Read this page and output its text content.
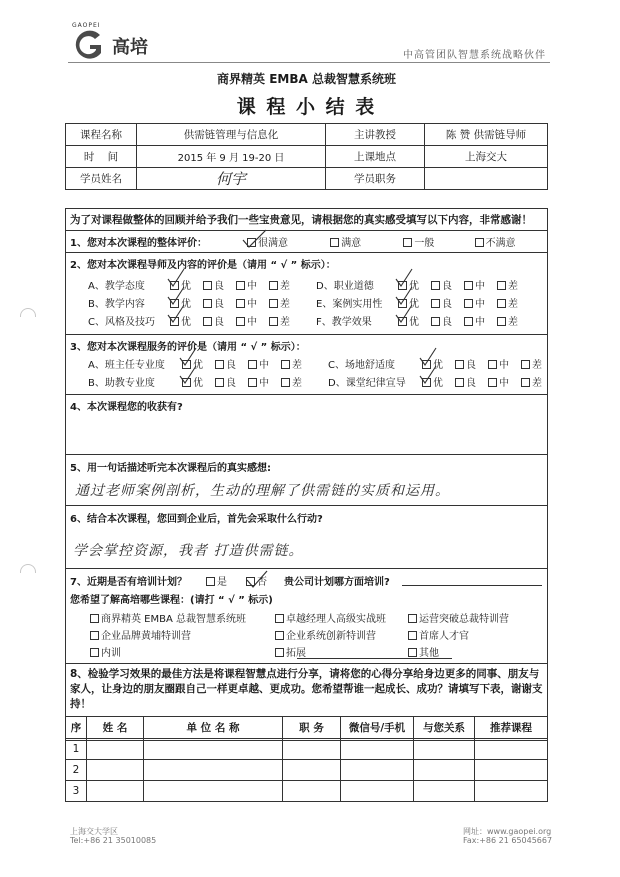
GAOPEI
高培	中高管团队智慧系统战略伙伴
商界精英 EMBA 总裁智慧系统班
课 程 小 结 表
课程名称	供需链管理与信息化	主讲教授	陈 赞 供需链导师
时    间	2015 年 9 月 19-20 日	上课地点	上海交大
学员姓名	何宇	学员职务	
为了对课程做整体的回顾并给予我们一些宝贵意见，请根据您的真实感受填写以下内容，非常感谢！
1、您对本次课程的整体评价：	很满意	满意	一般	不满意
2、您对本次课程导师及内容的评价是（请用 “ √ ” 标示）：
A、教学态度	优	良	中	差
B、教学内容	优	良	中	差
C、风格及技巧	优	良	中	差
D、职业道德	优	良	中	差
E、案例实用性	优	良	中	差
F、教学效果	优	良	中	差
3、您对本次课程服务的评价是（请用 “ √ ” 标示）：
A、班主任专业度	优	良	中	差
B、助教专业度	优	良	中	差
C、场地舒适度	优	良	中	差
D、课堂纪律宣导	优	良	中	差
4、本次课程您的收获有?
5、用一句话描述听完本次课程后的真实感想:
通过老师案例剖析，生动的理解了供需链的实质和运用。
6、结合本次课程，您回到企业后，首先会采取什么行动?
学会掌控资源，我者 打造供需链。
7、近期是否有培训计划？	是	否 贵公司计划哪方面培训?
您希望了解高培哪些课程：(请打 “ √ ” 标示)
商界精英 EMBA 总裁智慧系统班	卓越经理人高级实战班	运营突破总裁特训营
企业品牌黄埔特训营	企业系统创新特训营	首席人才官
内训	拓展	其他
8、检验学习效果的最佳方法是将课程智慧点进行分享，请将您的心得分享给身边更多的同事、朋友与家人，让身边的朋友圈跟自己一样更卓越、更成功。您希望帮谁一起成长、成功？请填写下表，谢谢支持！
序	姓 名	单 位 名 称	职 务	微信号/手机	与您关系	推荐课程
1						
2						
3						
上海交大学区
Tel:+86 21 35010085
网址：www.gaopei.org
Fax:+86 21 65045667
